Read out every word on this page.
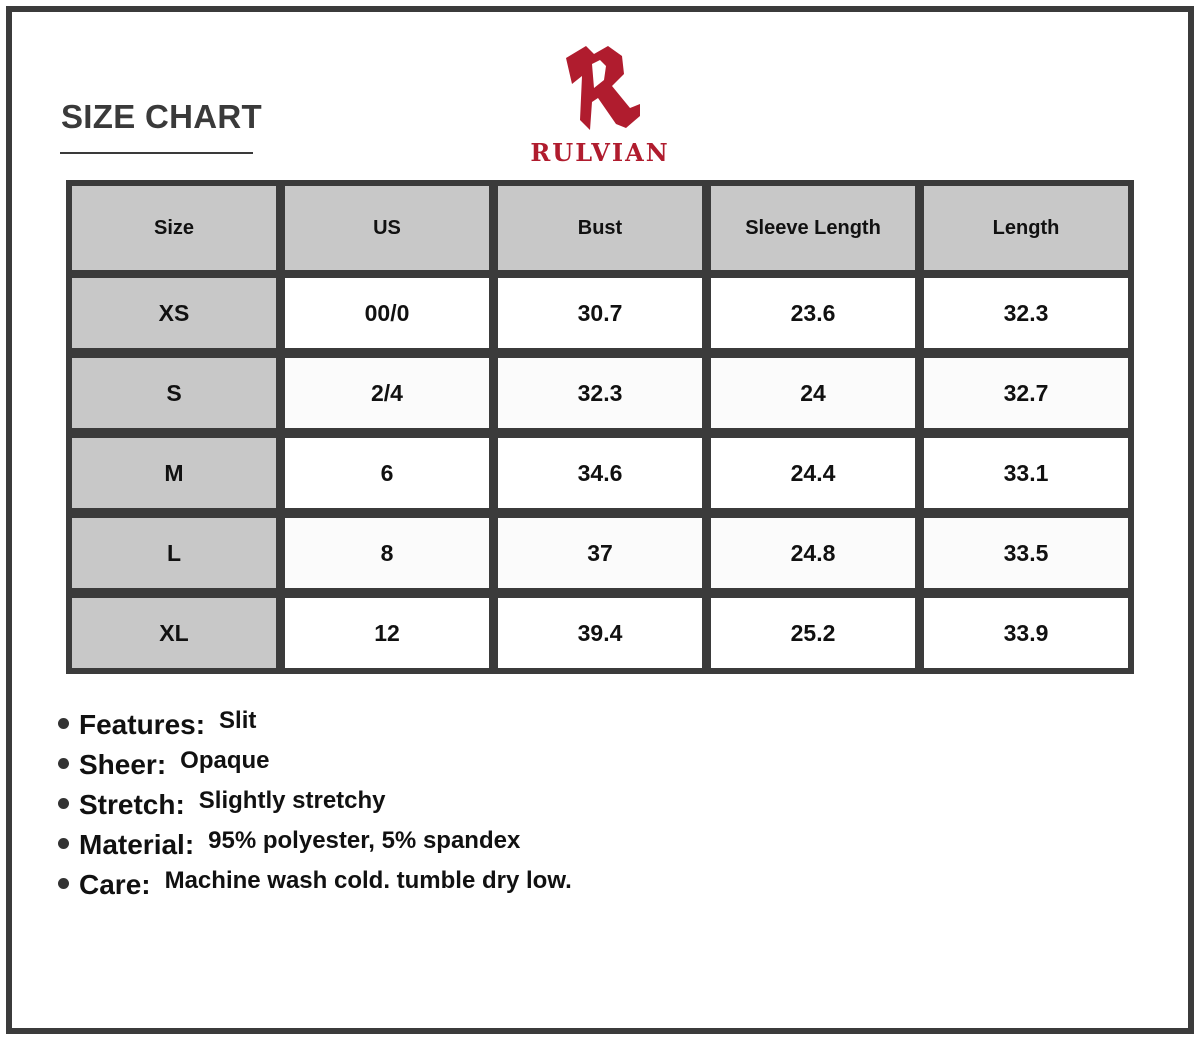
SIZE CHART
RULVIAN
Size	US	Bust	Sleeve Length	Length
XS	00/0	30.7	23.6	32.3
S	2/4	32.3	24	32.7
M	6	34.6	24.4	33.1
L	8	37	24.8	33.5
XL	12	39.4	25.2	33.9
Features: Slit
Sheer: Opaque
Stretch: Slightly stretchy
Material: 95% polyester, 5% spandex
Care: Machine wash cold. tumble dry low.
